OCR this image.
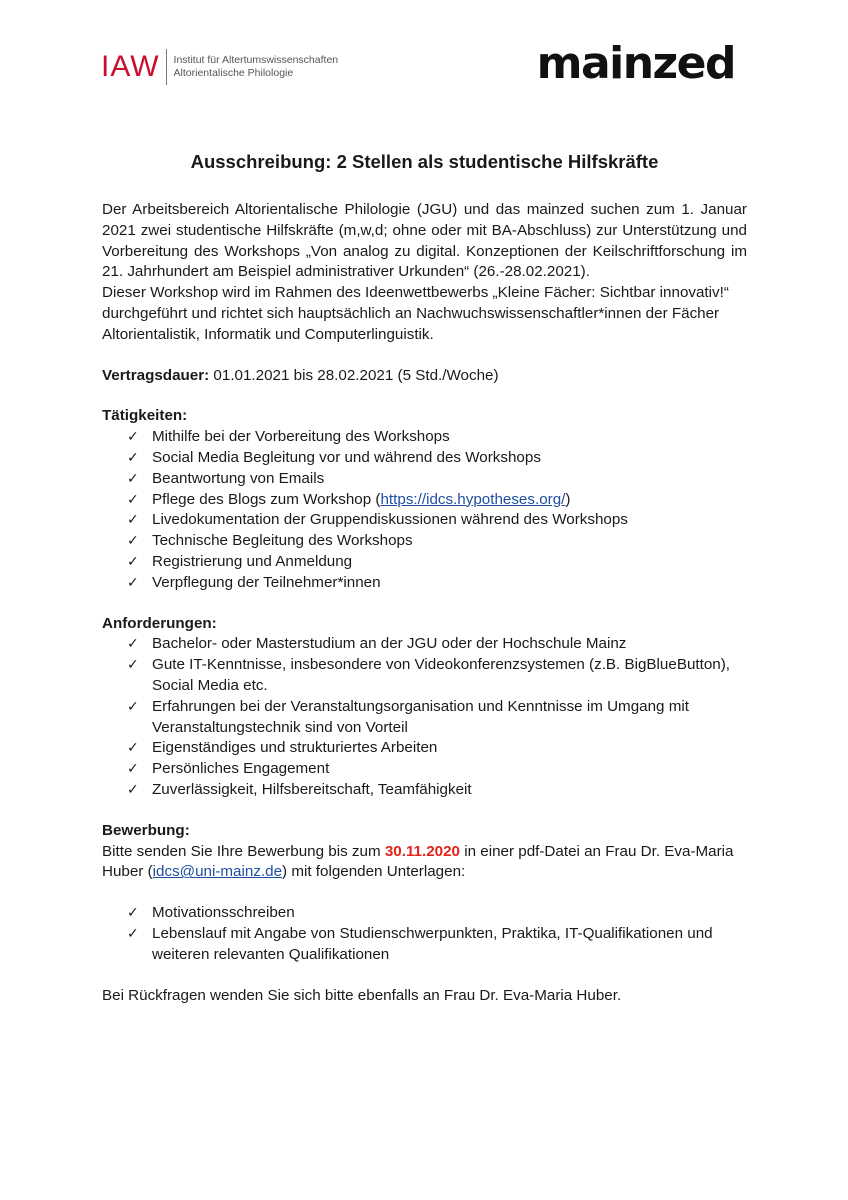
IAW Institut für Altertumswissenschaften
Altorientalische Philologie	mainzed
Ausschreibung: 2 Stellen als studentische Hilfskräfte

Der Arbeitsbereich Altorientalische Philologie (JGU) und das mainzed suchen zum 1. Januar 2021 zwei studentische Hilfskräfte (m,w,d; ohne oder mit BA-Abschluss) zur Unterstützung und Vorbereitung des Workshops „Von analog zu digital. Konzeptionen der Keilschriftforschung im 21. Jahrhundert am Beispiel administrativer Urkunden“ (26.-28.02.2021).

Dieser Workshop wird im Rahmen des Ideenwettbewerbs „Kleine Fächer: Sichtbar innovativ!“ durchgeführt und richtet sich hauptsächlich an Nachwuchswissenschaftler*innen der Fächer Altorientalistik, Informatik und Computerlinguistik.

Vertragsdauer: 01.01.2021 bis 28.02.2021 (5 Std./Woche)

Tätigkeiten:

✓ Mithilfe bei der Vorbereitung des Workshops
✓ Social Media Begleitung vor und während des Workshops
✓ Beantwortung von Emails
✓ Pflege des Blogs zum Workshop (https://idcs.hypotheses.org/)
✓ Livedokumentation der Gruppendiskussionen während des Workshops
✓ Technische Begleitung des Workshops
✓ Registrierung und Anmeldung
✓ Verpflegung der Teilnehmer*innen

Anforderungen:

✓ Bachelor- oder Masterstudium an der JGU oder der Hochschule Mainz
✓ Gute IT-Kenntnisse, insbesondere von Videokonferenzsystemen (z.B. BigBlueButton), Social Media etc.
✓ Erfahrungen bei der Veranstaltungsorganisation und Kenntnisse im Umgang mit Veranstaltungstechnik sind von Vorteil
✓ Eigenständiges und strukturiertes Arbeiten
✓ Persönliches Engagement
✓ Zuverlässigkeit, Hilfsbereitschaft, Teamfähigkeit

Bewerbung:

Bitte senden Sie Ihre Bewerbung bis zum 30.11.2020 in einer pdf-Datei an Frau Dr. Eva-Maria Huber (idcs@uni-mainz.de) mit folgenden Unterlagen:

✓ Motivationsschreiben
✓ Lebenslauf mit Angabe von Studienschwerpunkten, Praktika, IT-Qualifikationen und weiteren relevanten Qualifikationen

Bei Rückfragen wenden Sie sich bitte ebenfalls an Frau Dr. Eva-Maria Huber.
